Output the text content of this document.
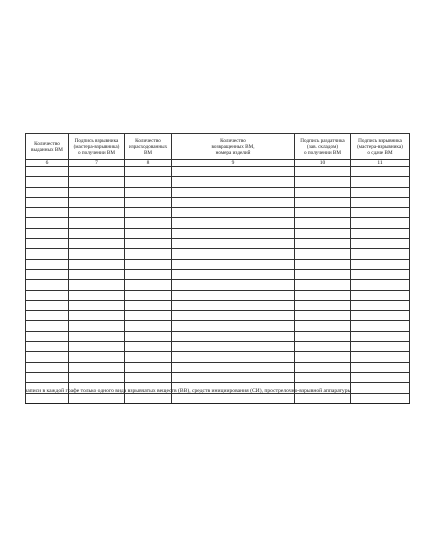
Количество
выданных ВМ	Подпись взрывника
(мастера-взрывника)
о получении ВМ	Количество
израсходованных
ВМ	Количество
возвращенных ВМ,
номера изделий	Подпись раздатчика
(зав. складом)
о получении ВМ	Подпись взрывника
(мастера-взрывника)
о сдаче ВМ
6	7	8	9	10	11

записи в каждой графе только одного вида взрывчатых веществ (ВВ), средств инициирования (СИ), прострелочно-взрывной аппаратуры
